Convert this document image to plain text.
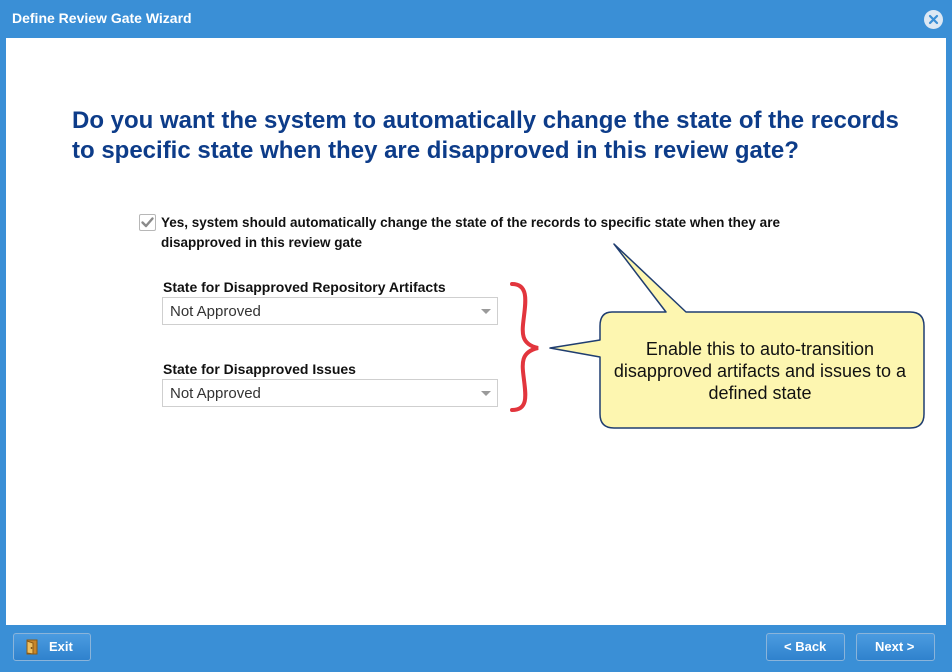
Define Review Gate Wizard
Do you want the system to automatically change the state of the records to specific state when they are disapproved in this review gate?
Yes, system should automatically change the state of the records to specific state when they are disapproved in this review gate
State for Disapproved Repository Artifacts
Not Approved
State for Disapproved Issues
Not Approved
Enable this to auto-transition disapproved artifacts and issues to a defined state
Exit	< Back	Next >
